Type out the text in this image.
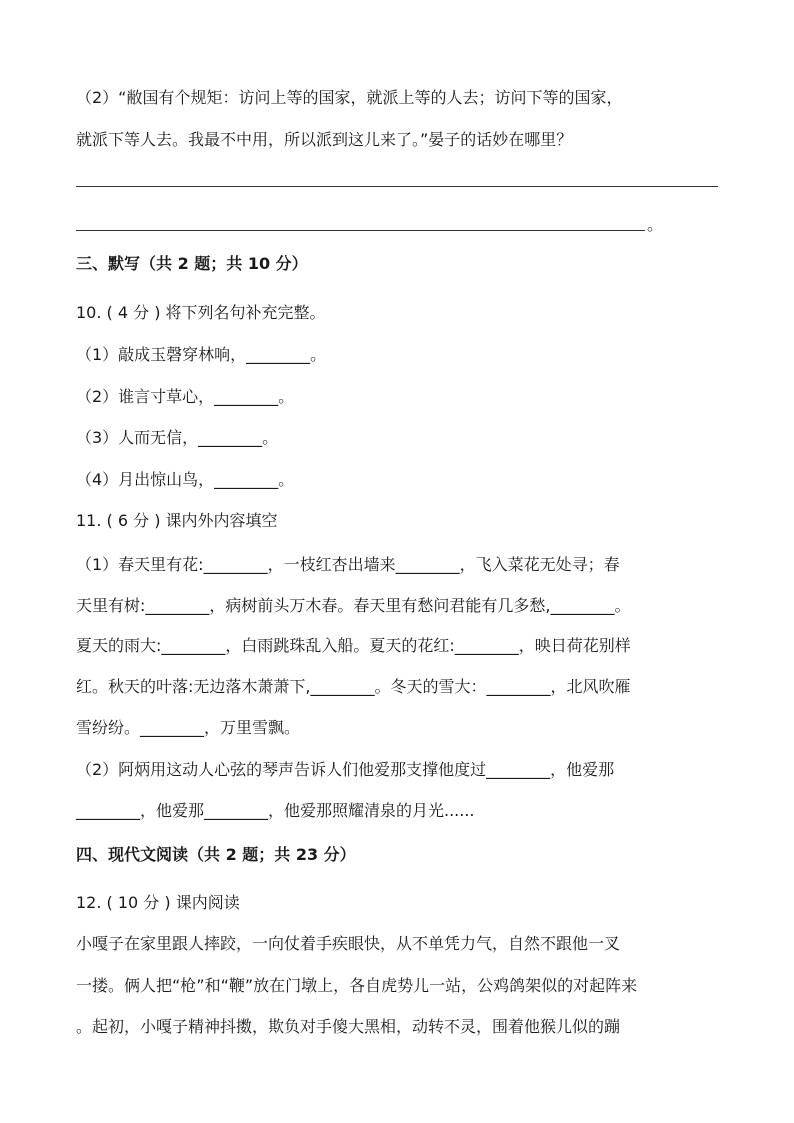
（2）“敝国有个规矩：访问上等的国家，就派上等的人去；访问下等的国家，
就派下等人去。我最不中用，所以派到这儿来了。”晏子的话妙在哪里？
。
三、默写（共 2 题；共 10 分）
10. ( 4 分 ) 将下列名句补充完整。
（1）敲成玉磬穿林响，________。
（2）谁言寸草心，________。
（3）人而无信，________。
（4）月出惊山鸟，________。
11. ( 6 分 ) 课内外内容填空
（1）春天里有花:________，一枝红杏出墙来________，飞入菜花无处寻；春
天里有树:________，病树前头万木春。春天里有愁问君能有几多愁,________。
夏天的雨大:________，白雨跳珠乱入船。夏天的花红:________，映日荷花别样
红。秋天的叶落:无边落木萧萧下,________。冬天的雪大：________，北风吹雁
雪纷纷。________，万里雪飘。
（2）阿炳用这动人心弦的琴声告诉人们他爱那支撑他度过________，他爱那
________，他爱那________，他爱那照耀清泉的月光......
四、现代文阅读（共 2 题；共 23 分）
12. ( 10 分 ) 课内阅读
小嘎子在家里跟人摔跤，一向仗着手疾眼快，从不单凭力气，自然不跟他一叉
一搂。俩人把“枪”和“鞭”放在门墩上，各自虎势儿一站，公鸡鸽架似的对起阵来
。起初，小嘎子精神抖擞，欺负对手傻大黑相，动转不灵，围着他猴儿似的蹦
